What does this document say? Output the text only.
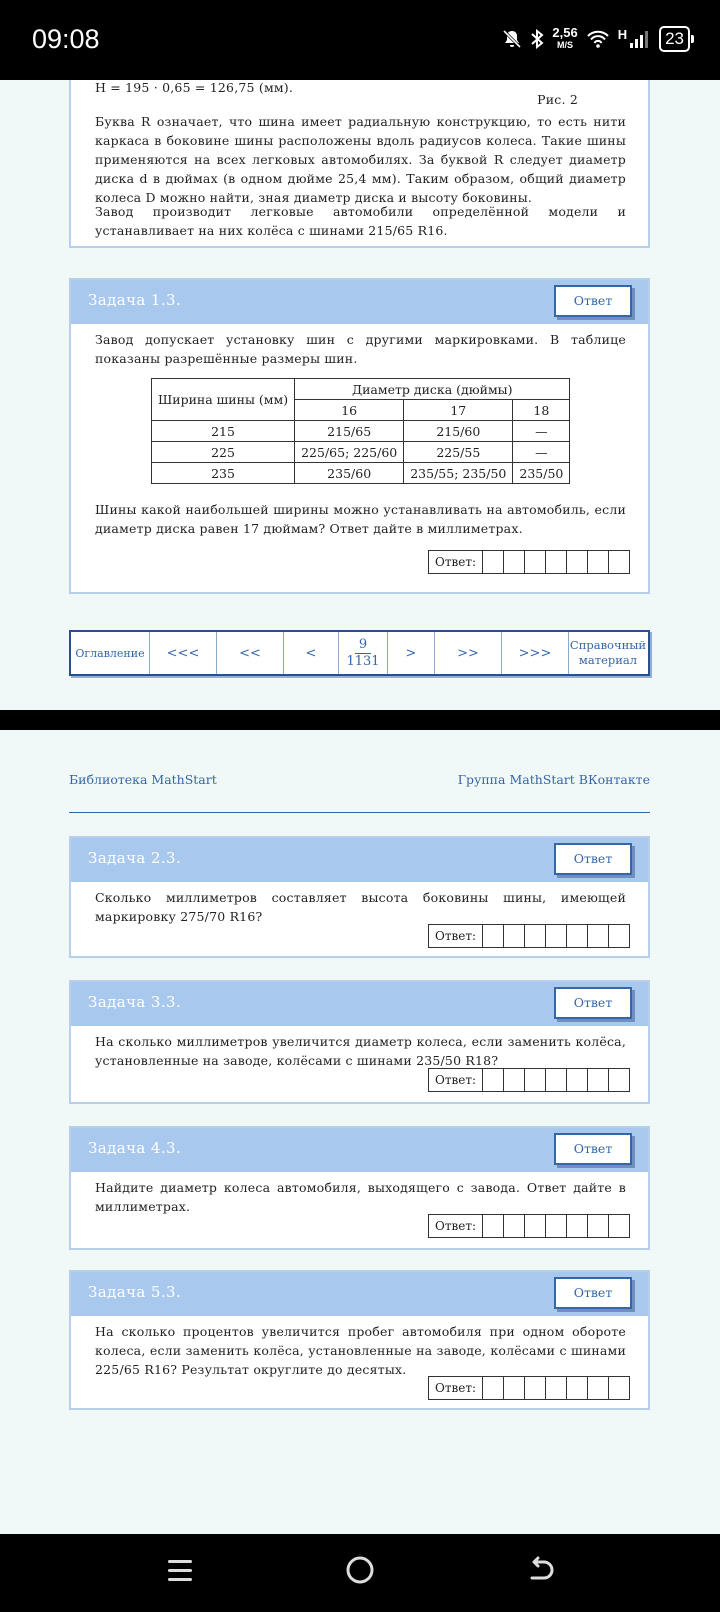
09:08	2,56
M/S
H	23
H = 195 · 0,65 = 126,75 (мм).
Рис. 2
Буква R означает, что шина имеет радиальную конструкцию, то есть нити каркаса в боковине шины расположены вдоль радиусов колеса. Такие шины применяются на всех легковых автомобилях. За буквой R следует диаметр диска d в дюймах (в одном дюйме 25,4 мм). Таким образом, общий диаметр колеса D можно найти, зная диаметр диска и высоту боковины.
Завод производит легковые автомобили определённой модели и устанавливает на них колёса с шинами 215/65 R16.
Задача 1.3.	Ответ
Завод допускает установку шин с другими маркировками. В таблице показаны разрешённые размеры шин.
Ширина шины (мм)	Диаметр диска (дюймы)		
	16	17	18
215	215/65	215/60	—
225	225/65; 225/60	225/55	—
235	235/60	235/55; 235/50	235/50
Шины какой наибольшей ширины можно устанавливать на автомобиль, если диаметр диска равен 17 дюймам? Ответ дайте в миллиметрах.
Ответ:
Оглавление	<<<	<<	<	$\frac{9}{1131}$	>	>>	>>>
Справочный материал
Библиотека MathStart	Группа MathStart ВКонтакте
Задача 2.3.	Ответ
Сколько миллиметров составляет высота боковины шины, имеющей маркировку 275/70 R16?
Ответ:
Задача 3.3.	Ответ
На сколько миллиметров увеличится диаметр колеса, если заменить колёса, установленные на заводе, колёсами с шинами 235/50 R18?
Ответ:
Задача 4.3.	Ответ
Найдите диаметр колеса автомобиля, выходящего с завода. Ответ дайте в миллиметрах.
Ответ:
Задача 5.3.	Ответ
На сколько процентов увеличится пробег автомобиля при одном обороте колеса, если заменить колёса, установленные на заводе, колёсами с шинами 225/65 R16? Результат округлите до десятых.
Ответ:
